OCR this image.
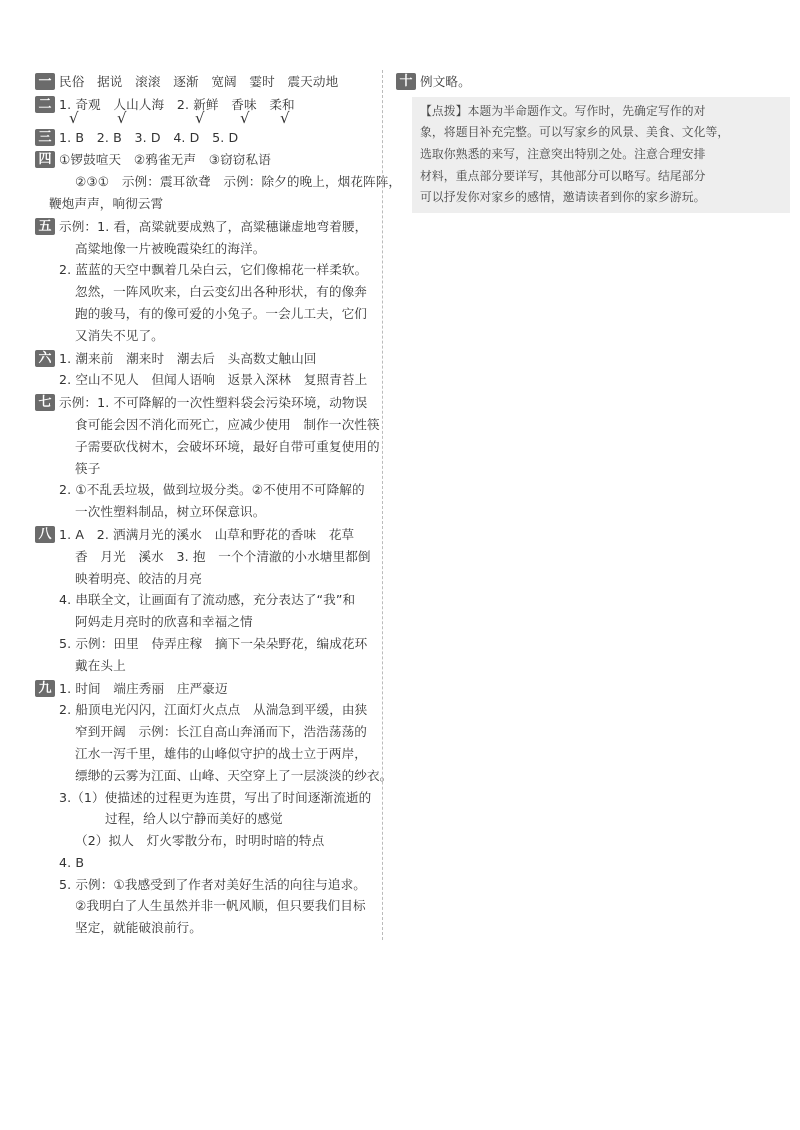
一 民俗　据说　滚滚　逐渐　宽阔　霎时　震天动地
二 1. 奇观　人山人海　2. 新鲜　香味　柔和
√	√	√ √ √
三 1. B　2. B　3. D　4. D　5. D
四 ①锣鼓喧天　②鸦雀无声　③窃窃私语
②③①　示例：震耳欲聋　示例：除夕的晚上，烟花阵阵，
鞭炮声声，响彻云霄
五 示例：1. 看，高粱就要成熟了，高粱穗谦虚地弯着腰，
高粱地像一片被晚霞染红的海洋。
2. 蓝蓝的天空中飘着几朵白云，它们像棉花一样柔软。
忽然，一阵风吹来，白云变幻出各种形状，有的像奔
跑的骏马，有的像可爱的小兔子。一会儿工夫，它们
又消失不见了。
六 1. 潮来前　潮来时　潮去后　头高数丈触山回
2. 空山不见人　但闻人语响　返景入深林　复照青苔上
七 示例：1. 不可降解的一次性塑料袋会污染环境，动物误
食可能会因不消化而死亡，应减少使用　制作一次性筷
子需要砍伐树木，会破坏环境，最好自带可重复使用的
筷子
2. ①不乱丢垃圾，做到垃圾分类。②不使用不可降解的
一次性塑料制品，树立环保意识。
八 1. A　2. 洒满月光的溪水　山草和野花的香味　花草
香　月光　溪水　3. 抱　一个个清澈的小水塘里都倒
映着明亮、皎洁的月亮
4. 串联全文，让画面有了流动感，充分表达了“我”和
阿妈走月亮时的欣喜和幸福之情
5. 示例：田里　侍弄庄稼　摘下一朵朵野花，编成花环
戴在头上
九 1. 时间　端庄秀丽　庄严豪迈
2. 船顶电光闪闪，江面灯火点点　从湍急到平缓，由狭
窄到开阔　示例：长江自高山奔涌而下，浩浩荡荡的
江水一泻千里，雄伟的山峰似守护的战士立于两岸，
缥缈的云雾为江面、山峰、天空穿上了一层淡淡的纱衣。
3.（1）使描述的过程更为连贯，写出了时间逐渐流逝的
过程，给人以宁静而美好的感觉
（2）拟人　灯火零散分布，时明时暗的特点
4. B
5. 示例：①我感受到了作者对美好生活的向往与追求。
②我明白了人生虽然并非一帆风顺，但只要我们目标
坚定，就能破浪前行。
十 例文略。
【点拨】本题为半命题作文。写作时，先确定写作的对
象，将题目补充完整。可以写家乡的风景、美食、文化等，
选取你熟悉的来写，注意突出特别之处。注意合理安排
材料，重点部分要详写，其他部分可以略写。结尾部分
可以抒发你对家乡的感情，邀请读者到你的家乡游玩。
